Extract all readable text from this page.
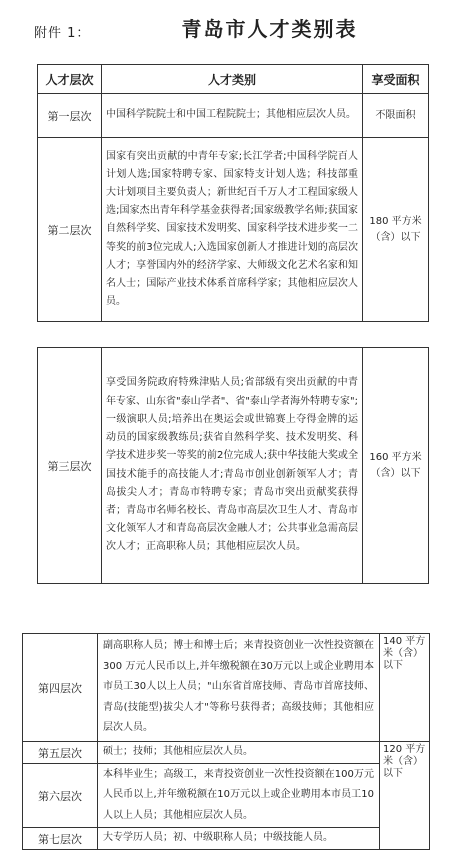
附件 1：	青岛市人才类别表
人才层次	人才类别	享受面积
第一层次	中国科学院院士和中国工程院院士；其他相应层次人员。	不限面积
第二层次	国家有突出贡献的中青年专家;长江学者;中国科学院百人计划人选;国家特聘专家、国家特支计划人选；科技部重大计划项目主要负责人；新世纪百千万人才工程国家级人选;国家杰出青年科学基金获得者;国家级教学名师;获国家自然科学奖、国家技术发明奖、国家科学技术进步奖一二等奖的前3位完成人;入选国家创新人才推进计划的高层次人才；享誉国内外的经济学家、大师级文化艺术名家和知名人士；国际产业技术体系首席科学家；其他相应层次人员。	180 平方米（含）以下
第三层次	享受国务院政府特殊津贴人员;省部级有突出贡献的中青年专家、山东省"泰山学者"、省"泰山学者海外特聘专家";一级演职人员;培养出在奥运会或世锦赛上夺得金牌的运动员的国家级教练员;获省自然科学奖、技术发明奖、科学技术进步奖一等奖的前2位完成人;获中华技能大奖或全国技术能手的高技能人才;青岛市创业创新领军人才；青岛拔尖人才；青岛市特聘专家；青岛市突出贡献奖获得者；青岛市名师名校长、青岛市高层次卫生人才、青岛市文化领军人才和青岛高层次金融人才；公共事业急需高层次人才；正高职称人员；其他相应层次人员。	160 平方米（含）以下
第四层次	副高职称人员；博士和博士后；来青投资创业一次性投资额在300 万元人民币以上,并年缴税额在30万元以上或企业聘用本市员工30人以上人员；"山东省首席技师、青岛市首席技师、青岛(技能型)拔尖人才"等称号获得者；高级技师；其他相应层次人员。	140 平方米（含）以下
第五层次	硕士；技师；其他相应层次人员。	120 平方米（含）以下
第六层次	本科毕业生；高级工，来青投资创业一次性投资额在100万元人民币以上,并年缴税额在10万元以上或企业聘用本市员工10人以上人员；其他相应层次人员。	
第七层次	大专学历人员；初、中级职称人员；中级技能人员。	
